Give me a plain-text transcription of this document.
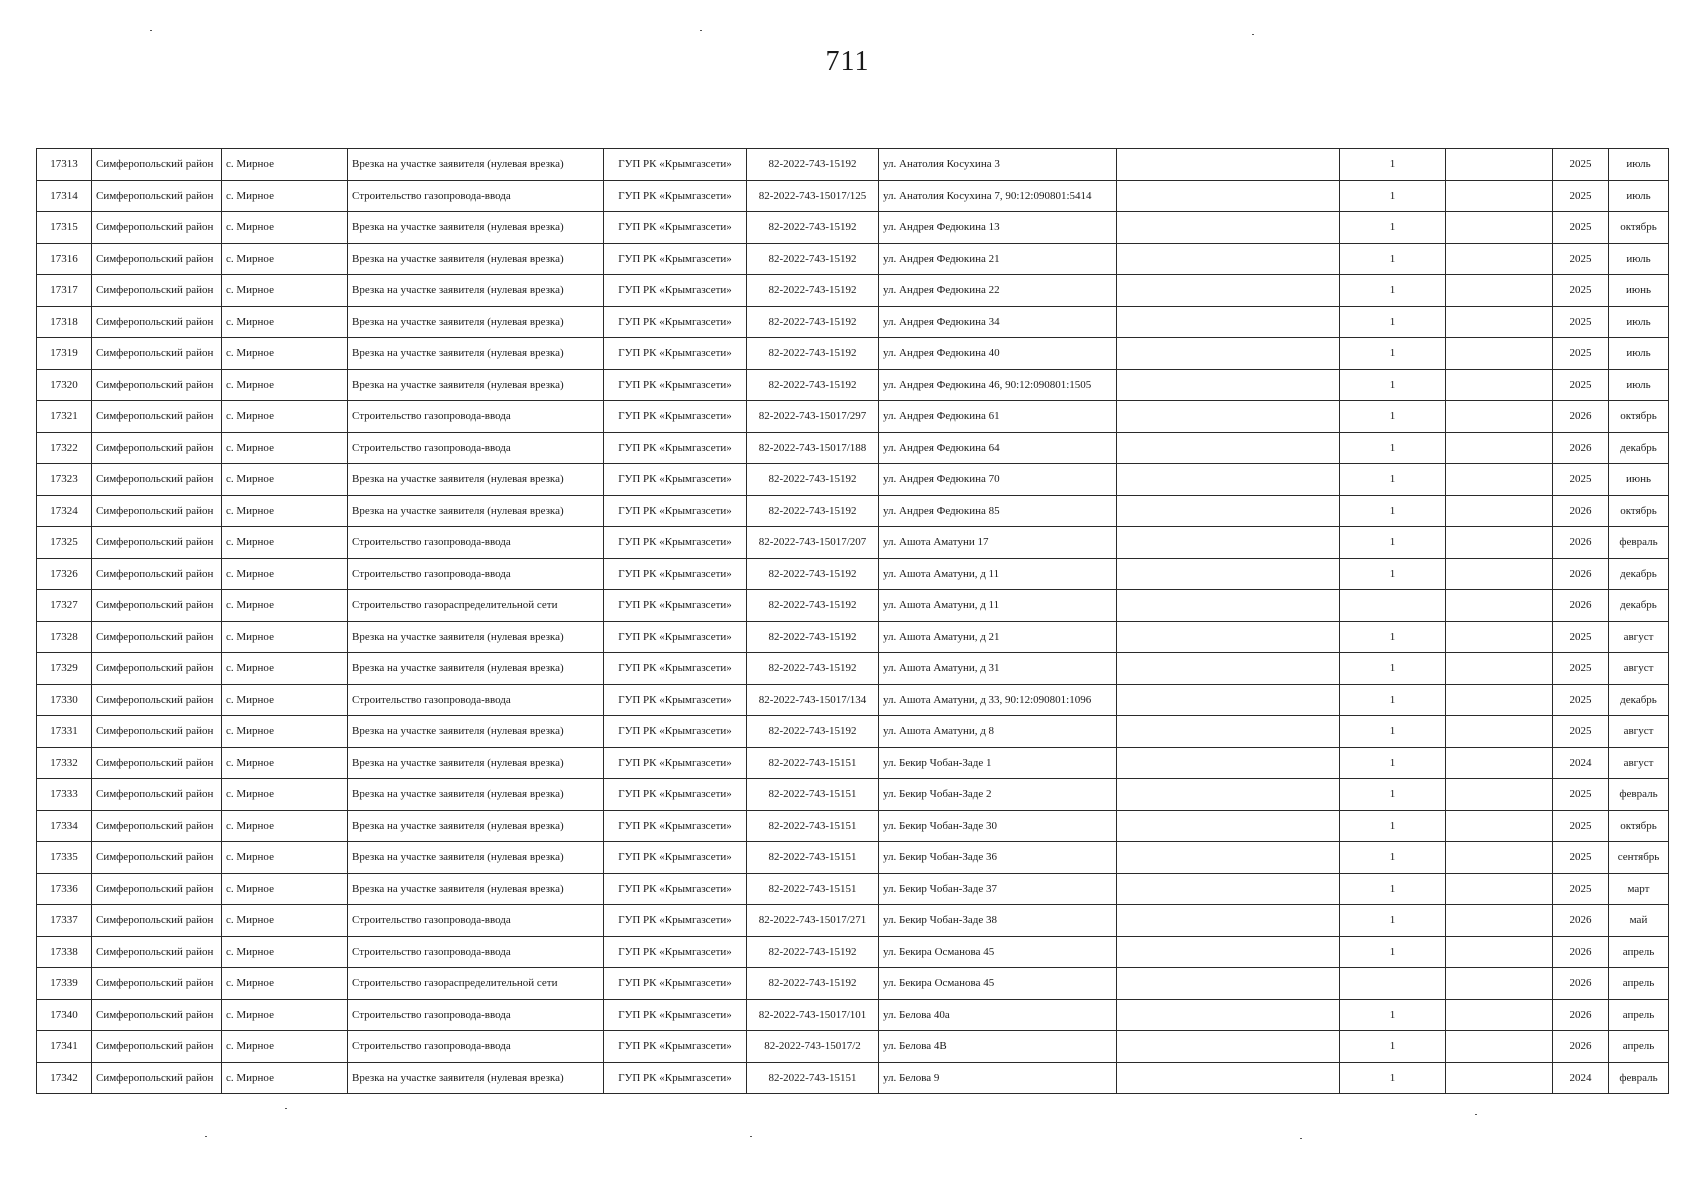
711
17313	Симферопольский район	с. Мирное	Врезка на участке заявителя (нулевая врезка)	ГУП РК «Крымгазсети»	82-2022-743-15192	ул. Анатолия Косухина 3		1		2025	июль
17314	Симферопольский район	с. Мирное	Строительство газопровода-ввода	ГУП РК «Крымгазсети»	82-2022-743-15017/125	ул. Анатолия Косухина 7, 90:12:090801:5414		1		2025	июль
17315	Симферопольский район	с. Мирное	Врезка на участке заявителя (нулевая врезка)	ГУП РК «Крымгазсети»	82-2022-743-15192	ул. Андрея Федюкина 13		1		2025	октябрь
17316	Симферопольский район	с. Мирное	Врезка на участке заявителя (нулевая врезка)	ГУП РК «Крымгазсети»	82-2022-743-15192	ул. Андрея Федюкина 21		1		2025	июль
17317	Симферопольский район	с. Мирное	Врезка на участке заявителя (нулевая врезка)	ГУП РК «Крымгазсети»	82-2022-743-15192	ул. Андрея Федюкина 22		1		2025	июнь
17318	Симферопольский район	с. Мирное	Врезка на участке заявителя (нулевая врезка)	ГУП РК «Крымгазсети»	82-2022-743-15192	ул. Андрея Федюкина 34		1		2025	июль
17319	Симферопольский район	с. Мирное	Врезка на участке заявителя (нулевая врезка)	ГУП РК «Крымгазсети»	82-2022-743-15192	ул. Андрея Федюкина 40		1		2025	июль
17320	Симферопольский район	с. Мирное	Врезка на участке заявителя (нулевая врезка)	ГУП РК «Крымгазсети»	82-2022-743-15192	ул. Андрея Федюкина 46, 90:12:090801:1505		1		2025	июль
17321	Симферопольский район	с. Мирное	Строительство газопровода-ввода	ГУП РК «Крымгазсети»	82-2022-743-15017/297	ул. Андрея Федюкина 61		1		2026	октябрь
17322	Симферопольский район	с. Мирное	Строительство газопровода-ввода	ГУП РК «Крымгазсети»	82-2022-743-15017/188	ул. Андрея Федюкина 64		1		2026	декабрь
17323	Симферопольский район	с. Мирное	Врезка на участке заявителя (нулевая врезка)	ГУП РК «Крымгазсети»	82-2022-743-15192	ул. Андрея Федюкина 70		1		2025	июнь
17324	Симферопольский район	с. Мирное	Врезка на участке заявителя (нулевая врезка)	ГУП РК «Крымгазсети»	82-2022-743-15192	ул. Андрея Федюкина 85		1		2026	октябрь
17325	Симферопольский район	с. Мирное	Строительство газопровода-ввода	ГУП РК «Крымгазсети»	82-2022-743-15017/207	ул. Ашота Аматуни 17		1		2026	февраль
17326	Симферопольский район	с. Мирное	Строительство газопровода-ввода	ГУП РК «Крымгазсети»	82-2022-743-15192	ул. Ашота Аматуни, д 11		1		2026	декабрь
17327	Симферопольский район	с. Мирное	Строительство газораспределительной сети	ГУП РК «Крымгазсети»	82-2022-743-15192	ул. Ашота Аматуни, д 11				2026	декабрь
17328	Симферопольский район	с. Мирное	Врезка на участке заявителя (нулевая врезка)	ГУП РК «Крымгазсети»	82-2022-743-15192	ул. Ашота Аматуни, д 21		1		2025	август
17329	Симферопольский район	с. Мирное	Врезка на участке заявителя (нулевая врезка)	ГУП РК «Крымгазсети»	82-2022-743-15192	ул. Ашота Аматуни, д 31		1		2025	август
17330	Симферопольский район	с. Мирное	Строительство газопровода-ввода	ГУП РК «Крымгазсети»	82-2022-743-15017/134	ул. Ашота Аматуни, д 33, 90:12:090801:1096		1		2025	декабрь
17331	Симферопольский район	с. Мирное	Врезка на участке заявителя (нулевая врезка)	ГУП РК «Крымгазсети»	82-2022-743-15192	ул. Ашота Аматуни, д 8		1		2025	август
17332	Симферопольский район	с. Мирное	Врезка на участке заявителя (нулевая врезка)	ГУП РК «Крымгазсети»	82-2022-743-15151	ул. Бекир Чобан-Заде 1		1		2024	август
17333	Симферопольский район	с. Мирное	Врезка на участке заявителя (нулевая врезка)	ГУП РК «Крымгазсети»	82-2022-743-15151	ул. Бекир Чобан-Заде 2		1		2025	февраль
17334	Симферопольский район	с. Мирное	Врезка на участке заявителя (нулевая врезка)	ГУП РК «Крымгазсети»	82-2022-743-15151	ул. Бекир Чобан-Заде 30		1		2025	октябрь
17335	Симферопольский район	с. Мирное	Врезка на участке заявителя (нулевая врезка)	ГУП РК «Крымгазсети»	82-2022-743-15151	ул. Бекир Чобан-Заде 36		1		2025	сентябрь
17336	Симферопольский район	с. Мирное	Врезка на участке заявителя (нулевая врезка)	ГУП РК «Крымгазсети»	82-2022-743-15151	ул. Бекир Чобан-Заде 37		1		2025	март
17337	Симферопольский район	с. Мирное	Строительство газопровода-ввода	ГУП РК «Крымгазсети»	82-2022-743-15017/271	ул. Бекир Чобан-Заде 38		1		2026	май
17338	Симферопольский район	с. Мирное	Строительство газопровода-ввода	ГУП РК «Крымгазсети»	82-2022-743-15192	ул. Бекира Османова 45		1		2026	апрель
17339	Симферопольский район	с. Мирное	Строительство газораспределительной сети	ГУП РК «Крымгазсети»	82-2022-743-15192	ул. Бекира Османова 45				2026	апрель
17340	Симферопольский район	с. Мирное	Строительство газопровода-ввода	ГУП РК «Крымгазсети»	82-2022-743-15017/101	ул. Белова 40а		1		2026	апрель
17341	Симферопольский район	с. Мирное	Строительство газопровода-ввода	ГУП РК «Крымгазсети»	82-2022-743-15017/2	ул. Белова 4В		1		2026	апрель
17342	Симферопольский район	с. Мирное	Врезка на участке заявителя (нулевая врезка)	ГУП РК «Крымгазсети»	82-2022-743-15151	ул. Белова 9		1		2024	февраль
